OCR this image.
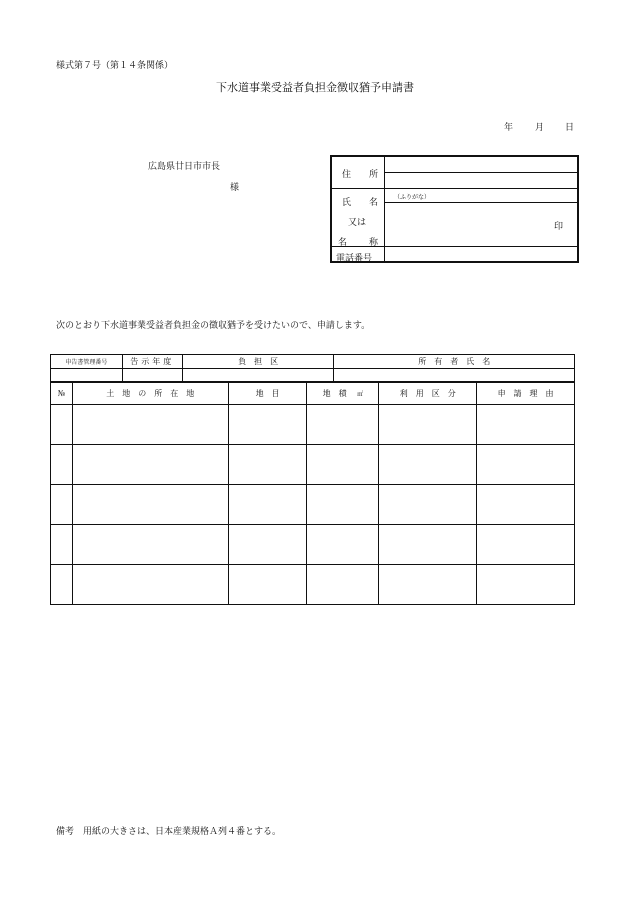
様式第７号（第１４条関係）
下水道事業受益者負担金徴収猶予申請書
年 月 日
広島県廿日市市長
様
住 所
氏 名
（ふりがな）
又は
名 称
印
電話番号
次のとおり下水道事業受益者負担金の徴収猶予を受けたいので、申請します。
申告書管理番号	告示年度	負　担　区	所　有　者　氏　名

№	土　地　の　所　在　地	地　目	地　積 ㎡	利　用　区　分	申　請　理　由

備考　用紙の大きさは、日本産業規格Ａ列４番とする。
